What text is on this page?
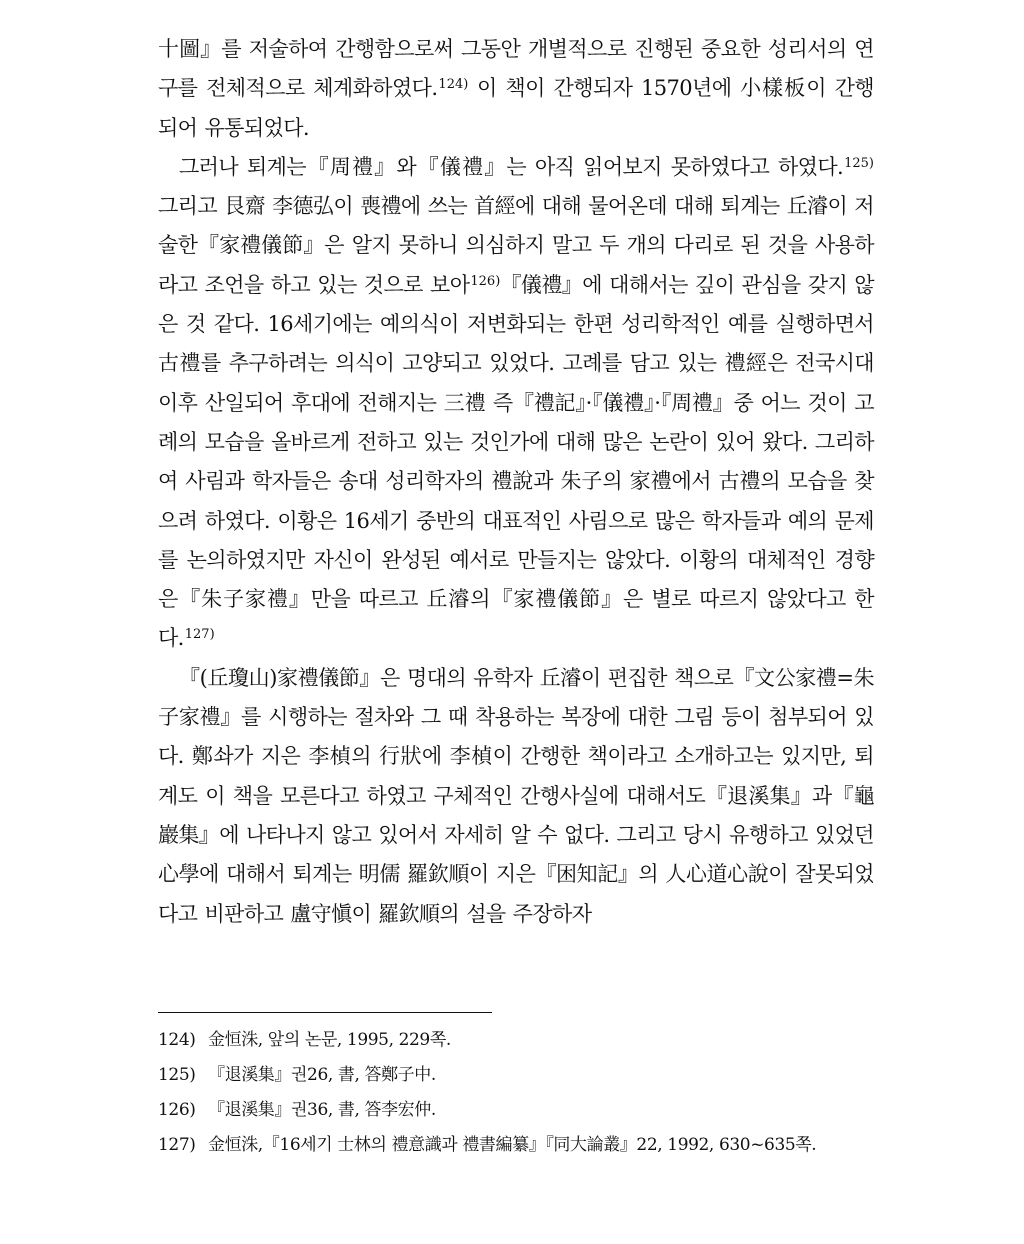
十圖』를 저술하여 간행함으로써 그동안 개별적으로 진행된 중요한 성리서의 연구를 전체적으로 체계화하였다.$^{124)}$ 이 책이 간행되자 1570년에 小樣板이 간행되어 유통되었다.

그러나 퇴계는『周禮』와『儀禮』는 아직 읽어보지 못하였다고 하였다.$^{125)}$ 그리고 艮齋 李德弘이 喪禮에 쓰는 首經에 대해 물어온데 대해 퇴계는 丘濬이 저술한『家禮儀節』은 알지 못하니 의심하지 말고 두 개의 다리로 된 것을 사용하라고 조언을 하고 있는 것으로 보아$^{126)}$『儀禮』에 대해서는 깊이 관심을 갖지 않은 것 같다. 16세기에는 예의식이 저변화되는 한편 성리학적인 예를 실행하면서 古禮를 추구하려는 의식이 고양되고 있었다. 고례를 담고 있는 禮經은 전국시대 이후 산일되어 후대에 전해지는 三禮 즉『禮記』·『儀禮』·『周禮』중 어느 것이 고례의 모습을 올바르게 전하고 있는 것인가에 대해 많은 논란이 있어 왔다. 그리하여 사림과 학자들은 송대 성리학자의 禮說과 朱子의 家禮에서 古禮의 모습을 찾으려 하였다. 이황은 16세기 중반의 대표적인 사림으로 많은 학자들과 예의 문제를 논의하였지만 자신이 완성된 예서로 만들지는 않았다. 이황의 대체적인 경향은『朱子家禮』만을 따르고 丘濬의『家禮儀節』은 별로 따르지 않았다고 한다.$^{127)}$

『(丘瓊山)家禮儀節』은 명대의 유학자 丘濬이 편집한 책으로『文公家禮=朱子家禮』를 시행하는 절차와 그 때 착용하는 복장에 대한 그림 등이 첨부되어 있다. 鄭솨가 지은 李楨의 行狀에 李楨이 간행한 책이라고 소개하고는 있지만, 퇴계도 이 책을 모른다고 하였고 구체적인 간행사실에 대해서도『退溪集』과『龜巖集』에 나타나지 않고 있어서 자세히 알 수 없다. 그리고 당시 유행하고 있었던 心學에 대해서 퇴계는 明儒 羅欽順이 지은『困知記』의 人心道心說이 잘못되었다고 비판하고 盧守愼이 羅欽順의 설을 주장하자

124) 金恒洙, 앞의 논문, 1995, 229쪽.
125) 『退溪集』권26, 書, 答鄭子中.
126) 『退溪集』권36, 書, 答李宏仲.
127) 金恒洙,『16세기 士林의 禮意識과 禮書編纂』『同大論叢』22, 1992, 630~635쪽.
